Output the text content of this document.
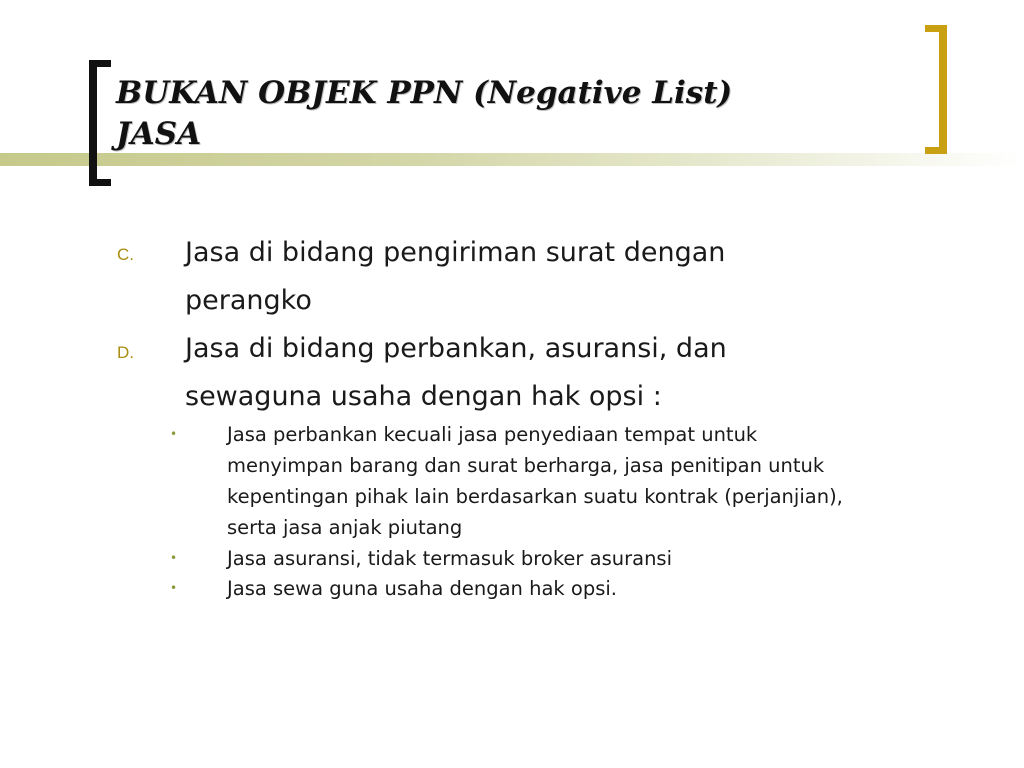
BUKAN OBJEK PPN (Negative List)
JASA
C. Jasa di bidang pengiriman surat dengan
perangko
D. Jasa di bidang perbankan, asuransi, dan
sewaguna usaha dengan hak opsi :
•	Jasa perbankan kecuali jasa penyediaan tempat untuk
menyimpan barang dan surat berharga, jasa penitipan untuk
kepentingan pihak lain berdasarkan suatu kontrak (perjanjian),
serta jasa anjak piutang
•	Jasa asuransi, tidak termasuk broker asuransi
•	Jasa sewa guna usaha dengan hak opsi.
